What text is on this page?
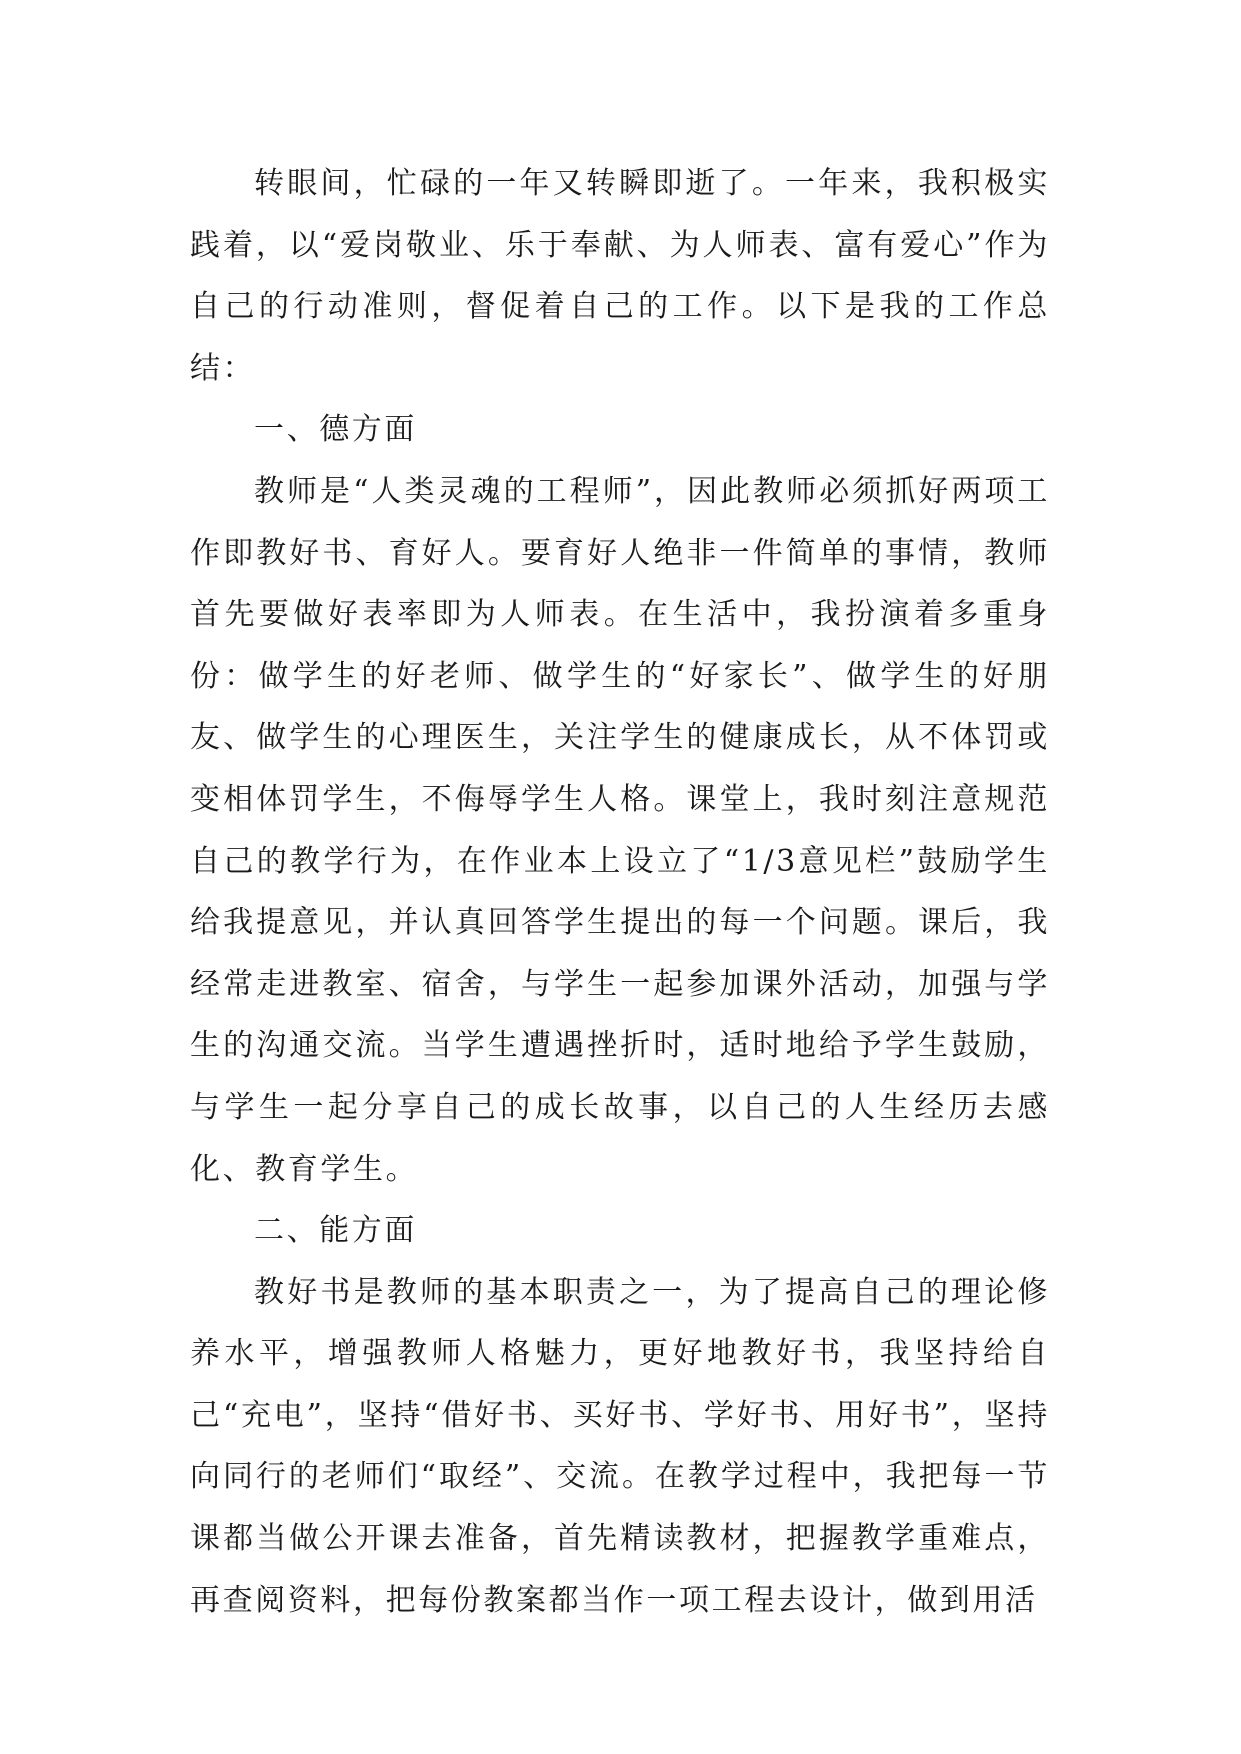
转眼间，忙碌的一年又转瞬即逝了。一年来，我积极实践着，以“爱岗敬业、乐于奉献、为人师表、富有爱心”作为自己的行动准则，督促着自己的工作。以下是我的工作总结：

一、德方面

教师是“人类灵魂的工程师”，因此教师必须抓好两项工作即教好书、育好人。要育好人绝非一件简单的事情，教师首先要做好表率即为人师表。在生活中，我扮演着多重身份：做学生的好老师、做学生的“好家长”、做学生的好朋友、做学生的心理医生，关注学生的健康成长，从不体罚或变相体罚学生，不侮辱学生人格。课堂上，我时刻注意规范自己的教学行为，在作业本上设立了“1/3意见栏”鼓励学生给我提意见，并认真回答学生提出的每一个问题。课后，我经常走进教室、宿舍，与学生一起参加课外活动，加强与学生的沟通交流。当学生遭遇挫折时，适时地给予学生鼓励，与学生一起分享自己的成长故事，以自己的人生经历去感化、教育学生。

二、能方面

教好书是教师的基本职责之一，为了提高自己的理论修养水平，增强教师人格魅力，更好地教好书，我坚持给自己“充电”，坚持“借好书、买好书、学好书、用好书”，坚持向同行的老师们“取经”、交流。在教学过程中，我把每一节课都当做公开课去准备，首先精读教材，把握教学重难点，再查阅资料，把每份教案都当作一项工程去设计，做到用活
